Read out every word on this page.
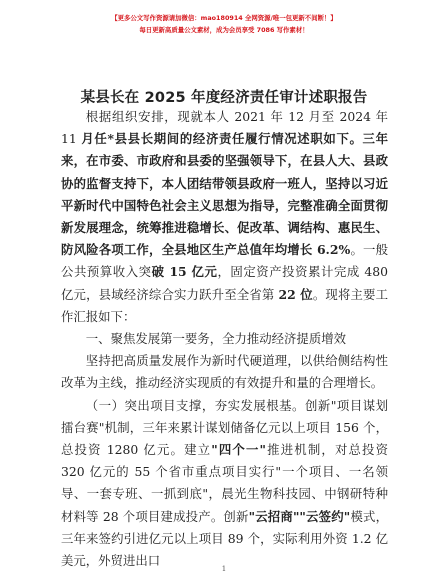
【更多公文写作资源请加微信：mao180914 全网资源/唯一包更新不间断！】
每日更新高质量公文素材，成为会员享受 7086 写作素材！
某县长在 2025 年度经济责任审计述职报告

根据组织安排，现就本人 2021 年 12 月至 2024 年 11 月任*县县长期间的经济责任履行情况述职如下。三年来，在市委、市政府和县委的坚强领导下，在县人大、县政协的监督支持下，本人团结带领县政府一班人，坚持以习近平新时代中国特色社会主义思想为指导，完整准确全面贯彻新发展理念，统筹推进稳增长、促改革、调结构、惠民生、防风险各项工作，全县地区生产总值年均增长 6.2%。一般公共预算收入突破 15 亿元，固定资产投资累计完成 480 亿元，县域经济综合实力跃升至全省第 22 位。现将主要工作汇报如下：

一、聚焦发展第一要务，全力推动经济提质增效

坚持把高质量发展作为新时代硬道理，以供给侧结构性改革为主线，推动经济实现质的有效提升和量的合理增长。

（一）突出项目支撑，夯实发展根基。创新"项目谋划擂台赛"机制，三年来累计谋划储备亿元以上项目 156 个，总投资 1280 亿元。建立"四个一"推进机制，对总投资 320 亿元的 55 个省市重点项目实行"一个项目、一名领导、一套专班、一抓到底"，晨光生物科技园、中钢研特种材料等 28 个项目建成投产。创新"云招商""云签约"模式，三年来签约引进亿元以上项目 89 个，实际利用外资 1.2 亿美元，外贸进出口

1
